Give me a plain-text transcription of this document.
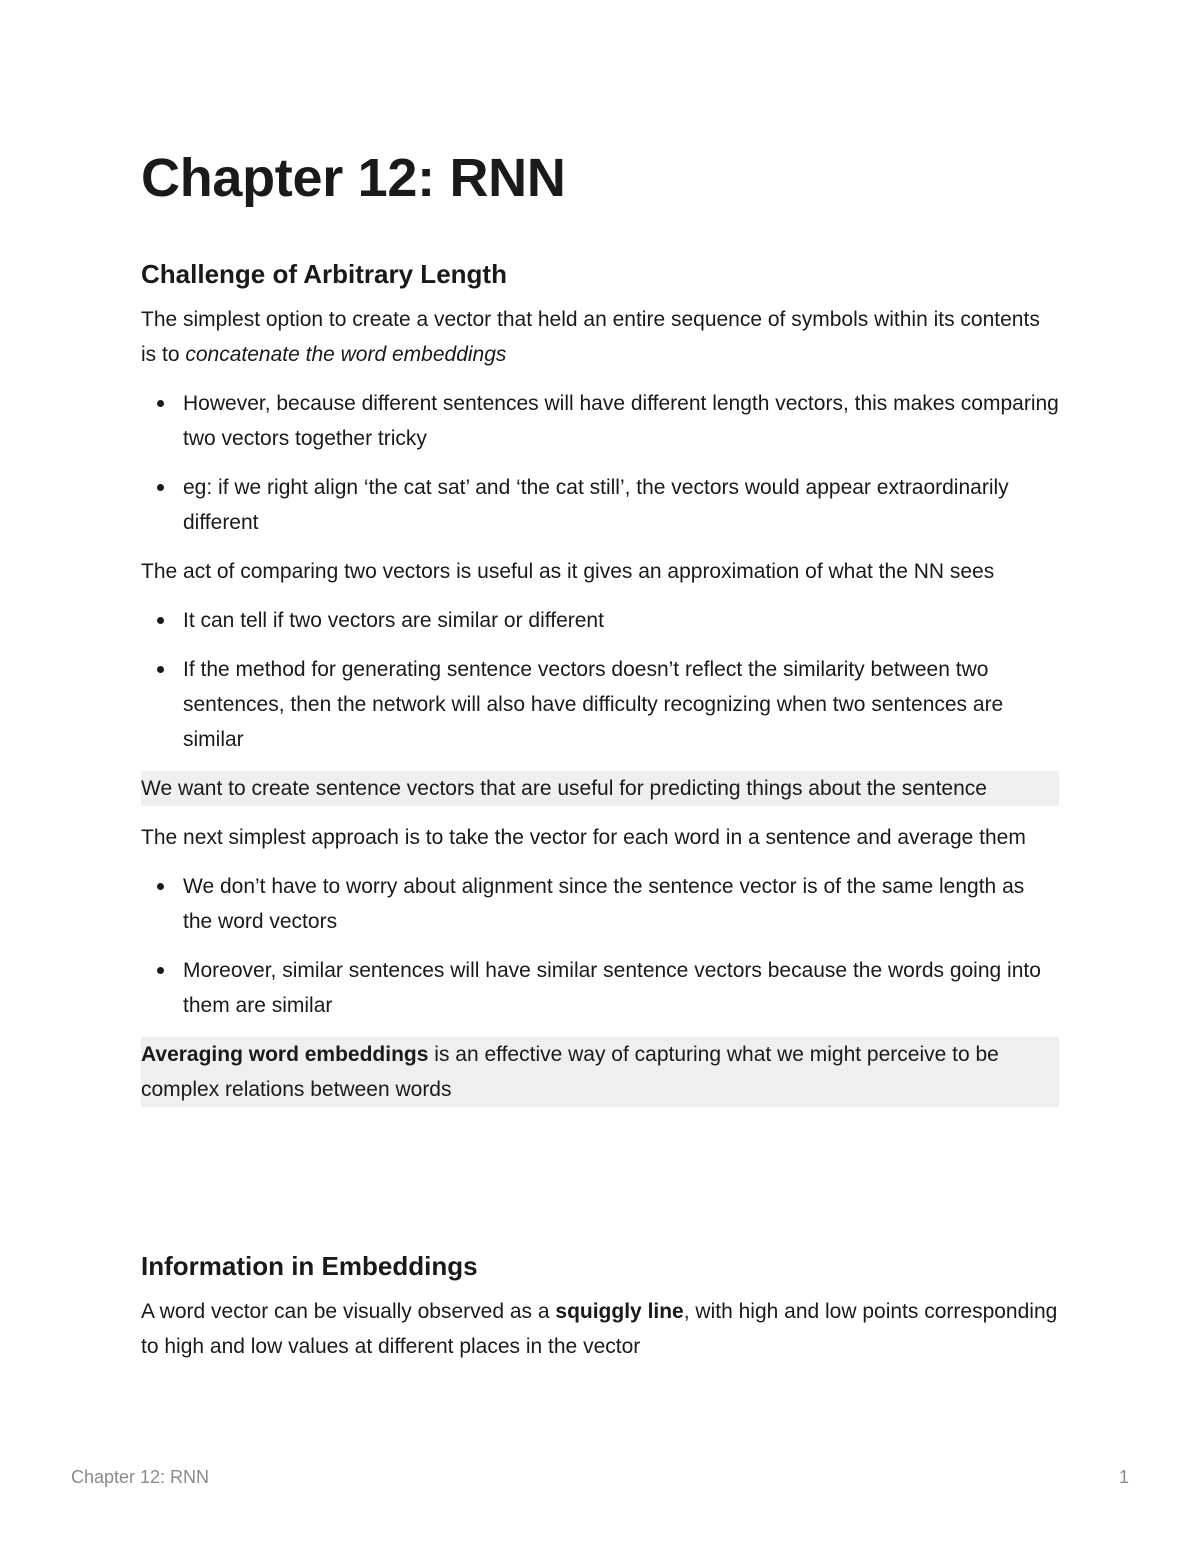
Chapter 12: RNN
Challenge of Arbitrary Length

The simplest option to create a vector that held an entire sequence of symbols within its contents is to concatenate the word embeddings

However, because different sentences will have different length vectors, this makes comparing two vectors together tricky
eg: if we right align ‘the cat sat’ and ‘the cat still’, the vectors would appear extraordinarily different

The act of comparing two vectors is useful as it gives an approximation of what the NN sees

It can tell if two vectors are similar or different
If the method for generating sentence vectors doesn’t reflect the similarity between two sentences, then the network will also have difficulty recognizing when two sentences are similar

We want to create sentence vectors that are useful for predicting things about the sentence

The next simplest approach is to take the vector for each word in a sentence and average them

We don’t have to worry about alignment since the sentence vector is of the same length as the word vectors
Moreover, similar sentences will have similar sentence vectors because the words going into them are similar

Averaging word embeddings is an effective way of capturing what we might perceive to be complex relations between words

Information in Embeddings

A word vector can be visually observed as a squiggly line, with high and low points corresponding to high and low values at different places in the vector

Chapter 12: RNN	1
